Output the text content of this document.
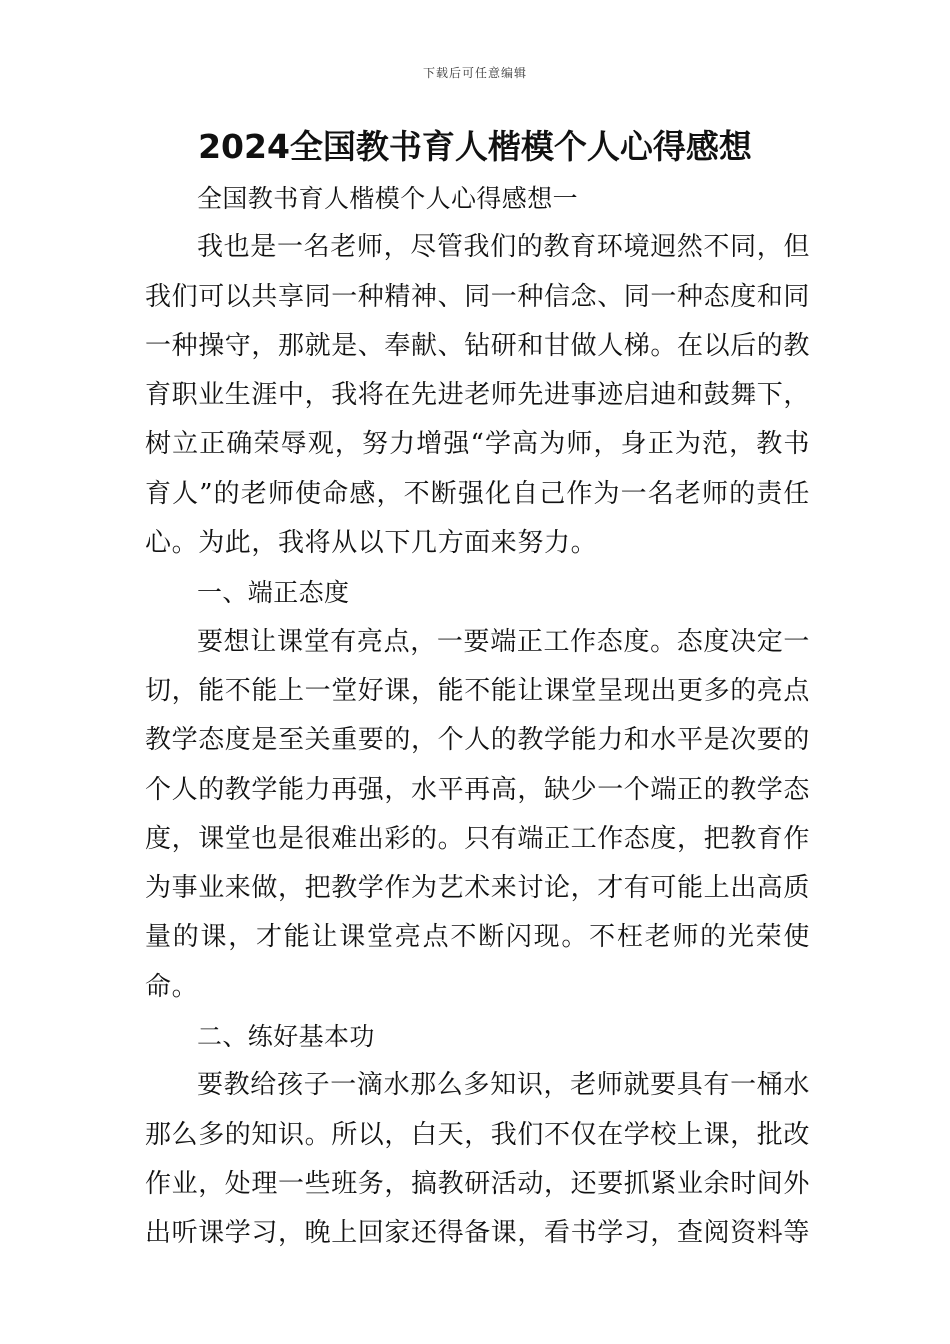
下载后可任意编辑
2024全国教书育人楷模个人心得感想

全国教书育人楷模个人心得感想一

我也是一名老师，尽管我们的教育环境迥然不同，但我们可以共享同一种精神、同一种信念、同一种态度和同一种操守，那就是、奉献、钻研和甘做人梯。在以后的教育职业生涯中，我将在先进老师先进事迹启迪和鼓舞下，树立正确荣辱观，努力增强“学高为师，身正为范，教书育人”的老师使命感，不断强化自己作为一名老师的责任心。为此，我将从以下几方面来努力。

一、端正态度

要想让课堂有亮点，一要端正工作态度。态度决定一切，能不能上一堂好课，能不能让课堂呈现出更多的亮点教学态度是至关重要的，个人的教学能力和水平是次要的个人的教学能力再强，水平再高，缺少一个端正的教学态度，课堂也是很难出彩的。只有端正工作态度，把教育作为事业来做，把教学作为艺术来讨论，才有可能上出高质量的课，才能让课堂亮点不断闪现。不枉老师的光荣使命。

二、练好基本功

要教给孩子一滴水那么多知识，老师就要具有一桶水那么多的知识。所以，白天，我们不仅在学校上课，批改作业，处理一些班务，搞教研活动，还要抓紧业余时间外出听课学习，晚上回家还得备课，看书学习，查阅资料等
